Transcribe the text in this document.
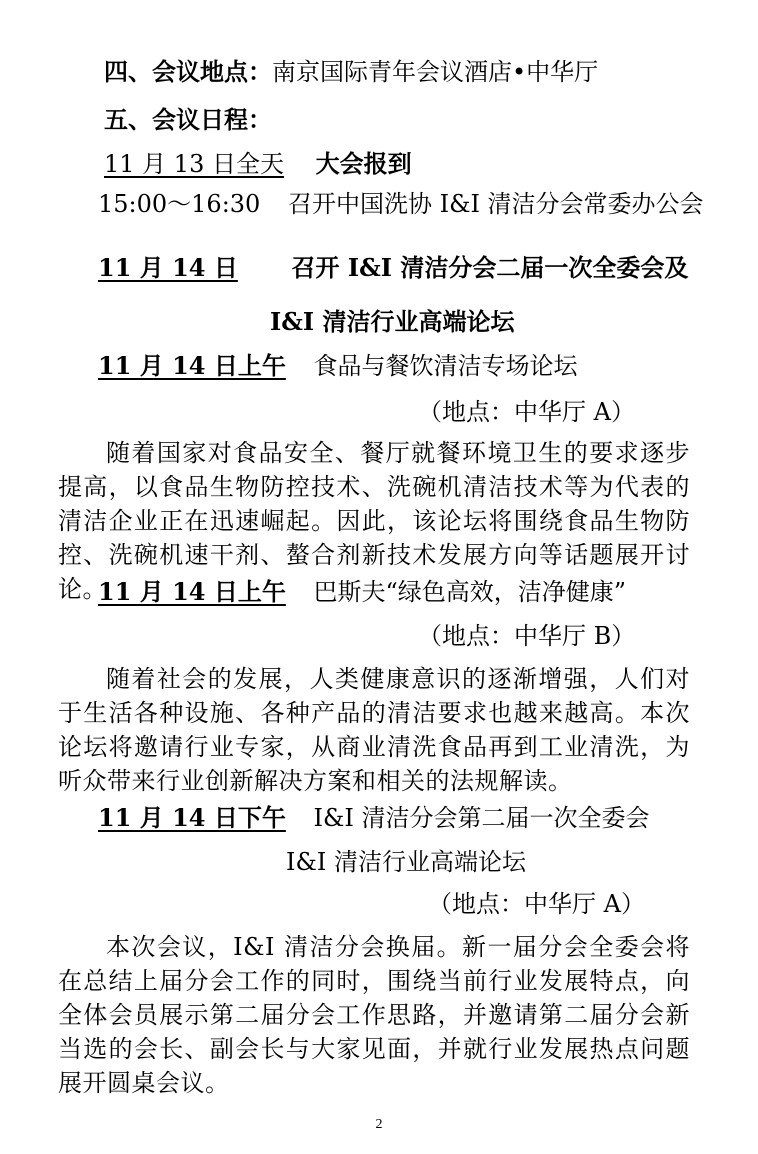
四、会议地点：南京国际青年会议酒店•中华厅
五、会议日程：
11 月 13 日全天 大会报到
15:00～16:30 召开中国洗协 I&I 清洁分会常委办公会
11 月 14 日 召开 I&I 清洁分会二届一次全委会及
I&I 清洁行业高端论坛
11 月 14 日上午 食品与餐饮清洁专场论坛
（地点：中华厅 A）

随着国家对食品安全、餐厅就餐环境卫生的要求逐步提高，以食品生物防控技术、洗碗机清洁技术等为代表的清洁企业正在迅速崛起。因此，该论坛将围绕食品生物防控、洗碗机速干剂、螯合剂新技术发展方向等话题展开讨论。

11 月 14 日上午 巴斯夫“绿色高效，洁净健康”
（地点：中华厅 B）

随着社会的发展，人类健康意识的逐渐增强，人们对于生活各种设施、各种产品的清洁要求也越来越高。本次论坛将邀请行业专家，从商业清洗食品再到工业清洗，为听众带来行业创新解决方案和相关的法规解读。

11 月 14 日下午 I&I 清洁分会第二届一次全委会
I&I 清洁行业高端论坛
（地点：中华厅 A）

本次会议，I&I 清洁分会换届。新一届分会全委会将在总结上届分会工作的同时，围绕当前行业发展特点，向全体会员展示第二届分会工作思路，并邀请第二届分会新当选的会长、副会长与大家见面，并就行业发展热点问题展开圆桌会议。

2
